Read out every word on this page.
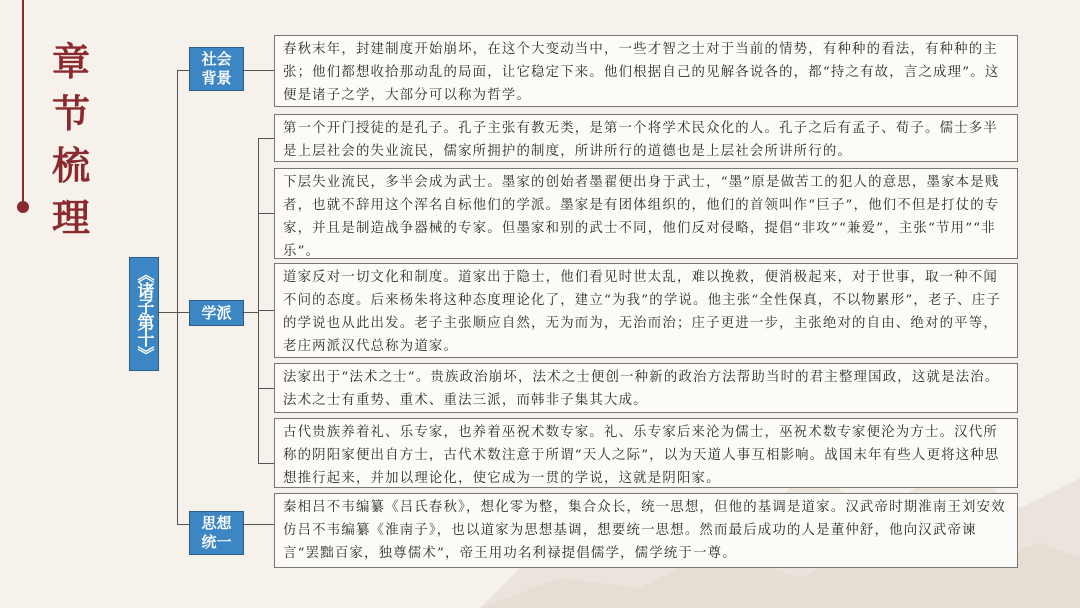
章
节
梳
理
《诸子第十》
社会
背景
学派
思想
统一
春秋末年，封建制度开始崩坏，在这个大变动当中，一些才智之士对于当前的情势，有种种的看法，有种种的主张；他们都想收拾那动乱的局面，让它稳定下来。他们根据自己的见解各说各的，都“持之有故，言之成理”。这便是诸子之学，大部分可以称为哲学。
第一个开门授徒的是孔子。孔子主张有教无类，是第一个将学术民众化的人。孔子之后有孟子、荀子。儒士多半是上层社会的失业流民，儒家所拥护的制度，所讲所行的道德也是上层社会所讲所行的。
下层失业流民，多半会成为武士。墨家的创始者墨翟便出身于武士，“墨”原是做苦工的犯人的意思，墨家本是贱者，也就不辞用这个浑名自标他们的学派。墨家是有团体组织的，他们的首领叫作“巨子”，他们不但是打仗的专家，并且是制造战争器械的专家。但墨家和别的武士不同，他们反对侵略，提倡“非攻”“兼爱”，主张“节用”“非乐”。
道家反对一切文化和制度。道家出于隐士，他们看见时世太乱，难以挽救，便消极起来，对于世事，取一种不闻不问的态度。后来杨朱将这种态度理论化了，建立“为我”的学说。他主张“全性保真，不以物累形”，老子、庄子的学说也从此出发。老子主张顺应自然，无为而为，无治而治；庄子更进一步，主张绝对的自由、绝对的平等，老庄两派汉代总称为道家。
法家出于“法术之士”。贵族政治崩坏，法术之士便创一种新的政治方法帮助当时的君主整理国政，这就是法治。法术之士有重势、重术、重法三派，而韩非子集其大成。
古代贵族养着礼、乐专家，也养着巫祝术数专家。礼、乐专家后来沦为儒士，巫祝术数专家便沦为方士。汉代所称的阴阳家便出自方士，古代术数注意于所谓“天人之际”，以为天道人事互相影响。战国末年有些人更将这种思想推行起来，并加以理论化，使它成为一贯的学说，这就是阴阳家。
秦相吕不韦编纂《吕氏春秋》，想化零为整，集合众长，统一思想，但他的基调是道家。汉武帝时期淮南王刘安效仿吕不韦编纂《淮南子》，也以道家为思想基调，想要统一思想。然而最后成功的人是董仲舒，他向汉武帝谏言“罢黜百家，独尊儒术”，帝王用功名利禄提倡儒学，儒学统于一尊。
